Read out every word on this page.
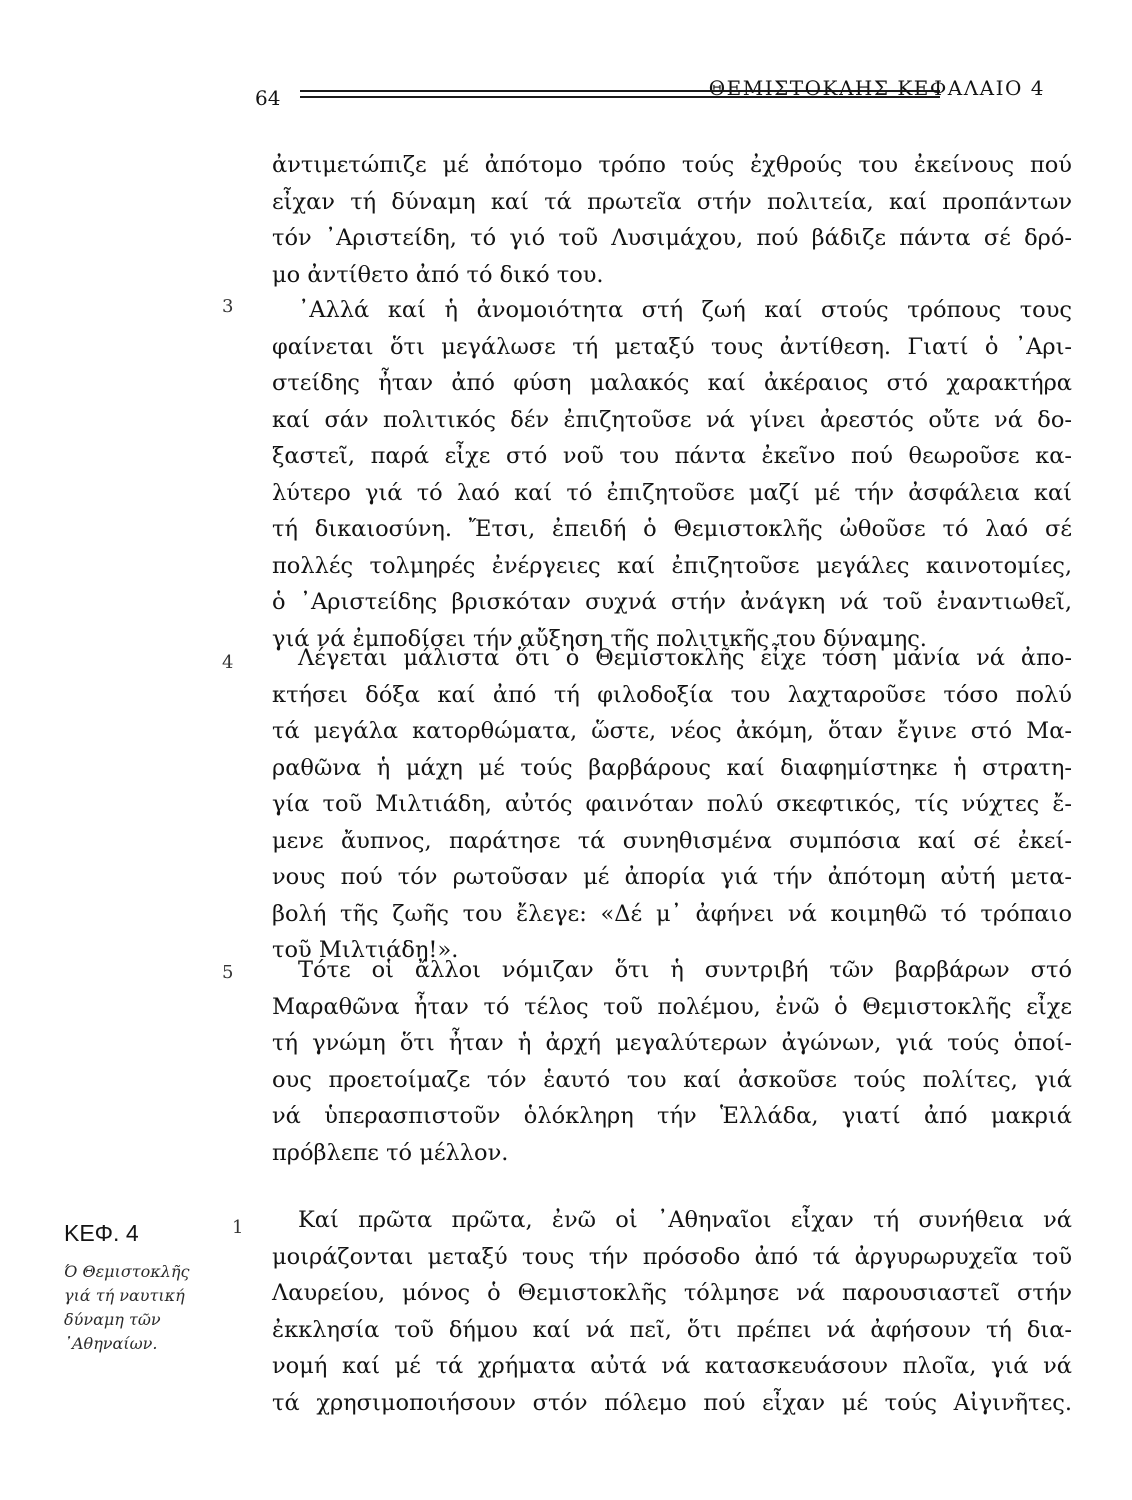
64	ΘΕΜΙΣΤΟΚΛΗΣ ΚΕΦΑΛΑΙΟ 4
ἀντιμετώπιζε μέ ἀπότομο τρόπο τούς ἐχθρούς του ἐκείνους πού
εἶχαν τή δύναμη καί τά πρωτεῖα στήν πολιτεία, καί προπάντων
τόν ᾿Αριστείδη, τό γιό τοῦ Λυσιμάχου, πού βάδιζε πάντα σέ δρό-
μο ἀντίθετο ἀπό τό δικό του.
3	᾿Αλλά καί ἡ ἀνομοιότητα στή ζωή καί στούς τρόπους τους
φαίνεται ὅτι μεγάλωσε τή μεταξύ τους ἀντίθεση. Γιατί ὁ ᾿Αρι-
στείδης ἦταν ἀπό φύση μαλακός καί ἀκέραιος στό χαρακτήρα
καί σάν πολιτικός δέν ἐπιζητοῦσε νά γίνει ἀρεστός οὔτε νά δο-
ξαστεῖ, παρά εἶχε στό νοῦ του πάντα ἐκεῖνο πού θεωροῦσε κα-
λύτερο γιά τό λαό καί τό ἐπιζητοῦσε μαζί μέ τήν ἀσφάλεια καί
τή δικαιοσύνη. Ἔτσι, ἐπειδή ὁ Θεμιστοκλῆς ὠθοῦσε τό λαό σέ
πολλές τολμηρές ἐνέργειες καί ἐπιζητοῦσε μεγάλες καινοτομίες,
ὁ ᾿Αριστείδης βρισκόταν συχνά στήν ἀνάγκη νά τοῦ ἐναντιωθεῖ,
γιά νά ἐμποδίσει τήν αὔξηση τῆς πολιτικῆς του δύναμης.
4	Λέγεται μάλιστα ὅτι ὁ Θεμιστοκλῆς εἶχε τόση μανία νά ἀπο-
κτήσει δόξα καί ἀπό τή φιλοδοξία του λαχταροῦσε τόσο πολύ
τά μεγάλα κατορθώματα, ὥστε, νέος ἀκόμη, ὅταν ἔγινε στό Μα-
ραθῶνα ἡ μάχη μέ τούς βαρβάρους καί διαφημίστηκε ἡ στρατη-
γία τοῦ Μιλτιάδη, αὐτός φαινόταν πολύ σκεφτικός, τίς νύχτες ἔ-
μενε ἄυπνος, παράτησε τά συνηθισμένα συμπόσια καί σέ ἐκεί-
νους πού τόν ρωτοῦσαν μέ ἀπορία γιά τήν ἀπότομη αὐτή μετα-
βολή τῆς ζωῆς του ἔλεγε: «Δέ μ᾿ ἀφήνει νά κοιμηθῶ τό τρόπαιο
τοῦ Μιλτιάδη!».
5	Τότε οἱ ἄλλοι νόμιζαν ὅτι ἡ συντριβή τῶν βαρβάρων στό
Μαραθῶνα ἦταν τό τέλος τοῦ πολέμου, ἐνῶ ὁ Θεμιστοκλῆς εἶχε
τή γνώμη ὅτι ἦταν ἡ ἀρχή μεγαλύτερων ἀγώνων, γιά τούς ὁποί-
ους προετοίμαζε τόν ἑαυτό του καί ἀσκοῦσε τούς πολίτες, γιά
νά ὑπερασπιστοῦν ὁλόκληρη τήν Ἑλλάδα, γιατί ἀπό μακριά
πρόβλεπε τό μέλλον.
ΚΕΦ. 4
Ό Θεμιστοκλῆς
γιά τή ναυτική
δύναμη τῶν
᾿Αθηναίων.
1	Καί πρῶτα πρῶτα, ἐνῶ οἱ ᾿Αθηναῖοι εἶχαν τή συνήθεια νά
μοιράζονται μεταξύ τους τήν πρόσοδο ἀπό τά ἀργυρωρυχεῖα τοῦ
Λαυρείου, μόνος ὁ Θεμιστοκλῆς τόλμησε νά παρουσιαστεῖ στήν
ἐκκλησία τοῦ δήμου καί νά πεῖ, ὅτι πρέπει νά ἀφήσουν τή δια-
νομή καί μέ τά χρήματα αὐτά νά κατασκευάσουν πλοῖα, γιά νά
τά χρησιμοποιήσουν στόν πόλεμο πού εἶχαν μέ τούς Αἰγινῆτες.
